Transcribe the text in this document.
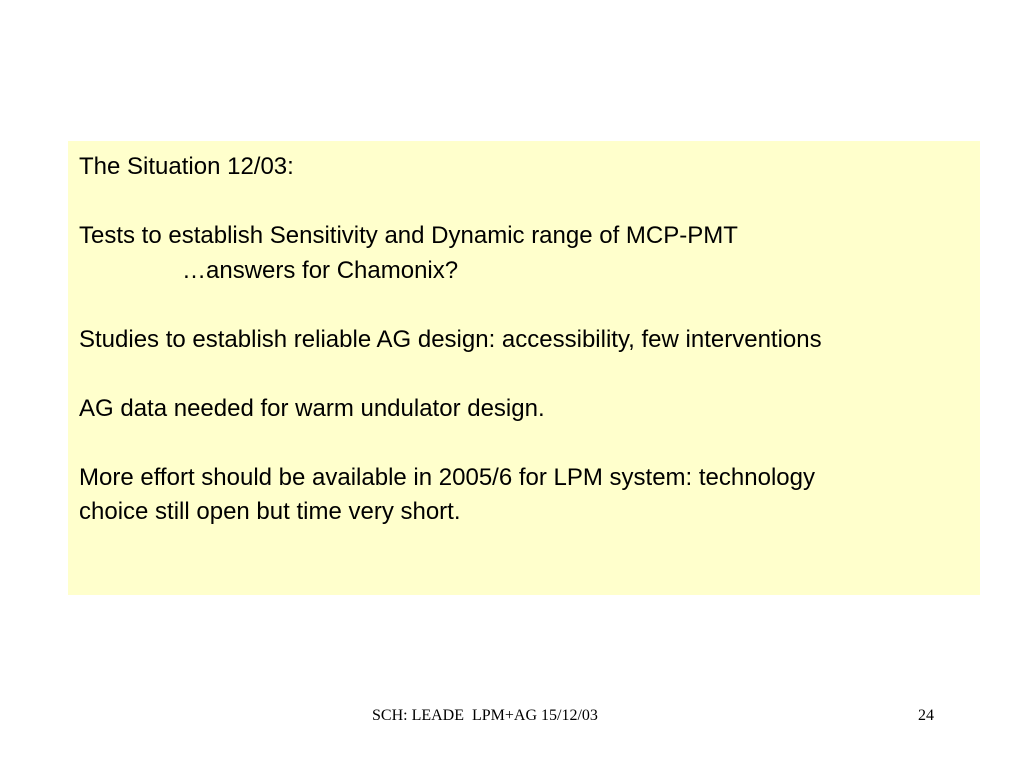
The Situation 12/03:

Tests to establish Sensitivity and Dynamic range of MCP-PMT

…answers for Chamonix?

Studies to establish reliable AG design: accessibility, few interventions

AG data needed for warm undulator design.

More effort should be available in 2005/6 for LPM system: technology

choice still open but time very short.

SCH: LEADE  LPM+AG 15/12/03	24
